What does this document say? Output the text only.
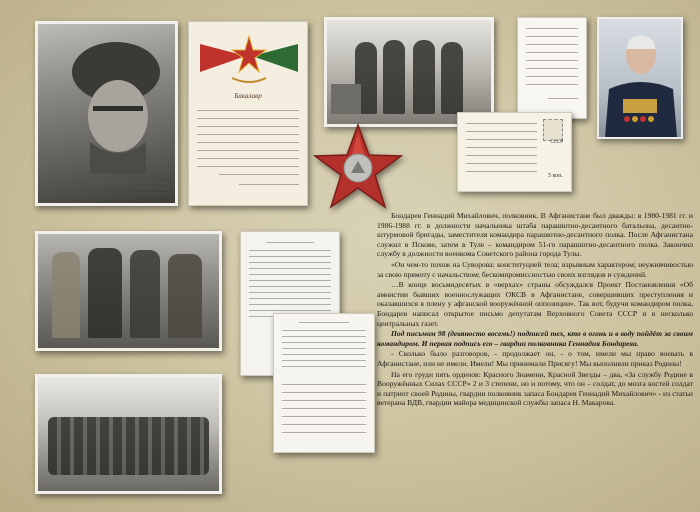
Бакалавр
СССР
5 коп.

Бондарев Геннадий Михайлович, полковник. В Афганистане был дважды: в 1980-1981 гг. и 1986-1988 гг. в должности начальника штаба парашютно-десантного батальона, десантно-штурмовой бригады, заместителя командира парашютно-десантного полка. После Афганистана служил в Пскове, затем в Туле – командиром 51-го парашютно-десантного полка. Закончил службу в должности военкома Советского района города Тулы.

«Он чем-то похож на Суворова: конституцией тела; взрывным характером; неуживчивостью за свою прямоту с начальством; бескомпромиссностью своих взглядов и суждений.

…В конце восьмидесятых в «верхах» страны обсуждался Проект Постановления «Об амнистии бывших военнослужащих ОКСВ в Афганистане, совершивших преступления и оказавшихся в плену у афганской вооружённой оппозиции». Так вот, будучи командиром полка, Бондарев написал открытое письмо депутатам Верховного Совета СССР и в несколько центральных газет.

Под письмом 98 (девяносто восемь!) подписей тех, кто в огонь и в воду пойдёт за своим командиром. И первая подпись его – гвардии полковника Геннадия Бондарева.

- Сколько было разговоров, - продолжает он, - о том, имели мы право воевать в Афганистане, или не имели. Имели! Мы принимали Присягу! Мы выполняли приказ Родины!

На его груди пять орденов: Красного Знамени, Красной Звезды – два, «За службу Родине в Вооружённых Силах СССР» 2 и 3 степени, но и потому, что он – солдат, до мозга костей солдат и патриот своей Родины, гвардии полковник запаса Бондарев Геннадий Михайлович» - из статьи ветерана ВДВ, гвардии майора медицинской службы запаса Н. Макарова.
